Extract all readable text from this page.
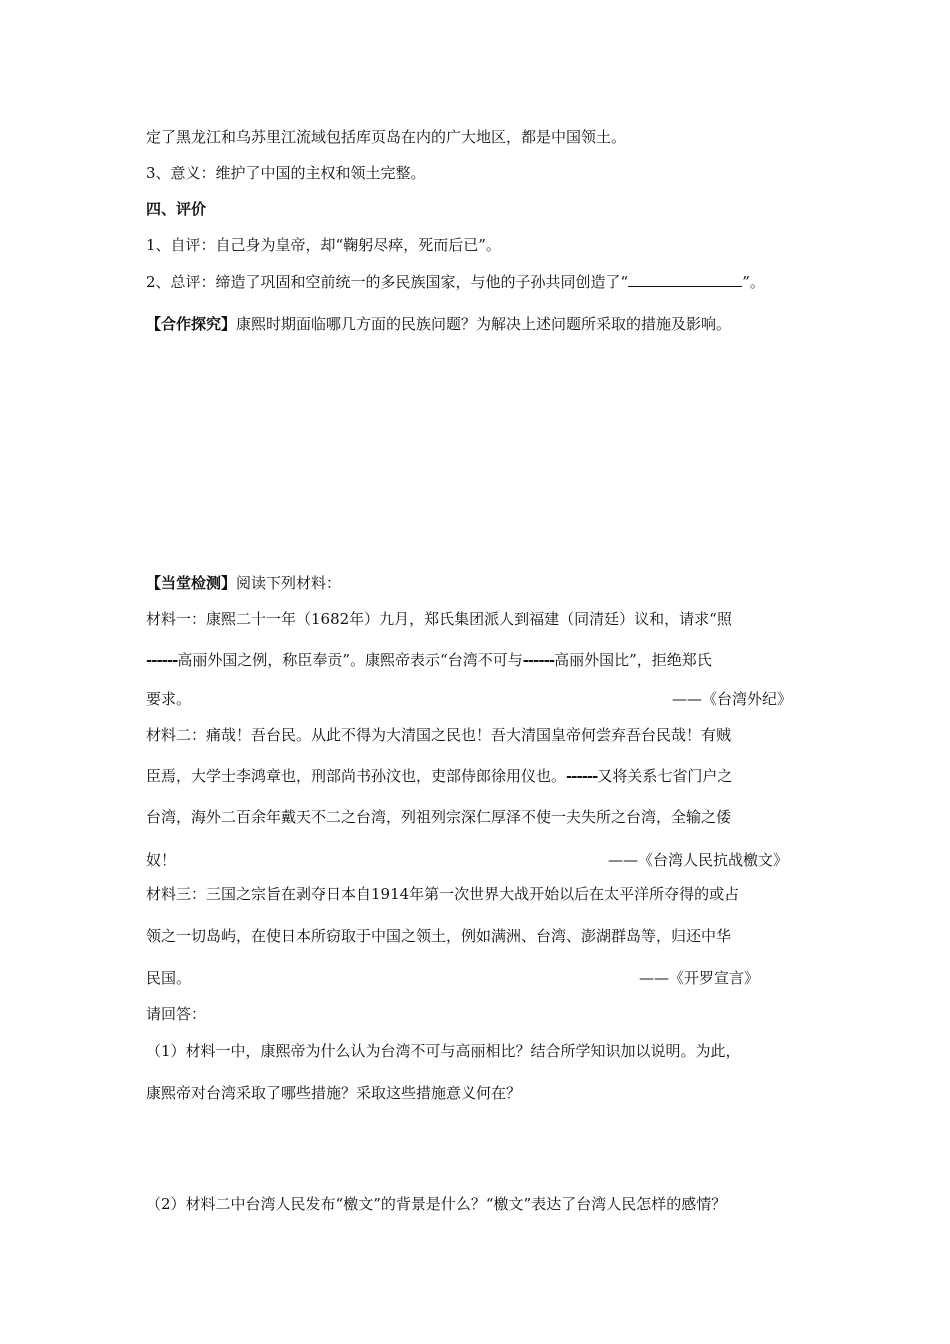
定了黑龙江和乌苏里江流域包括库页岛在内的广大地区，都是中国领土。
3、意义：维护了中国的主权和领土完整。
四、评价
1、自评：自己身为皇帝，却“鞠躬尽瘁，死而后已”。
2、总评：缔造了巩固和空前统一的多民族国家，与他的子孙共同创造了“	”。
【合作探究】康熙时期面临哪几方面的民族问题？为解决上述问题所采取的措施及影响。
【当堂检测】阅读下列材料：
材料一：康熙二十一年（1682年）九月，郑氏集团派人到福建（同清廷）议和，请求“照
------高丽外国之例，称臣奉贡”。康熙帝表示“台湾不可与------高丽外国比”，拒绝郑氏
要求。	——《台湾外纪》
材料二：痛哉！吾台民。从此不得为大清国之民也！吾大清国皇帝何尝弃吾台民哉！有贼
臣焉，大学士李鸿章也，刑部尚书孙汶也，吏部侍郎徐用仪也。------又将关系七省门户之
台湾，海外二百余年戴天不二之台湾，列祖列宗深仁厚泽不使一夫失所之台湾，全输之倭
奴！	——《台湾人民抗战檄文》
材料三：三国之宗旨在剥夺日本自1914年第一次世界大战开始以后在太平洋所夺得的或占
领之一切岛屿，在使日本所窃取于中国之领土，例如满洲、台湾、澎湖群岛等，归还中华
民国。	——《开罗宣言》
请回答：
（1）材料一中，康熙帝为什么认为台湾不可与高丽相比？结合所学知识加以说明。为此，
康熙帝对台湾采取了哪些措施？采取这些措施意义何在？
（2）材料二中台湾人民发布“檄文”的背景是什么？“檄文”表达了台湾人民怎样的感情？
